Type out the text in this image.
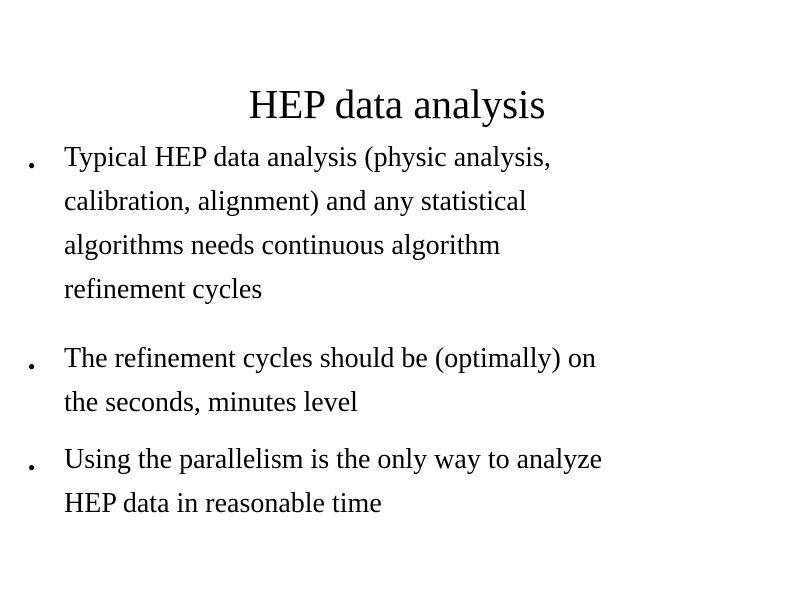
HEP data analysis
● Typical HEP data analysis (physic analysis,
calibration, alignment) and any statistical
algorithms needs continuous algorithm
refinement cycles
● The refinement cycles should be (optimally) on
the seconds, minutes level
● Using the parallelism is the only way to analyze
HEP data in reasonable time
